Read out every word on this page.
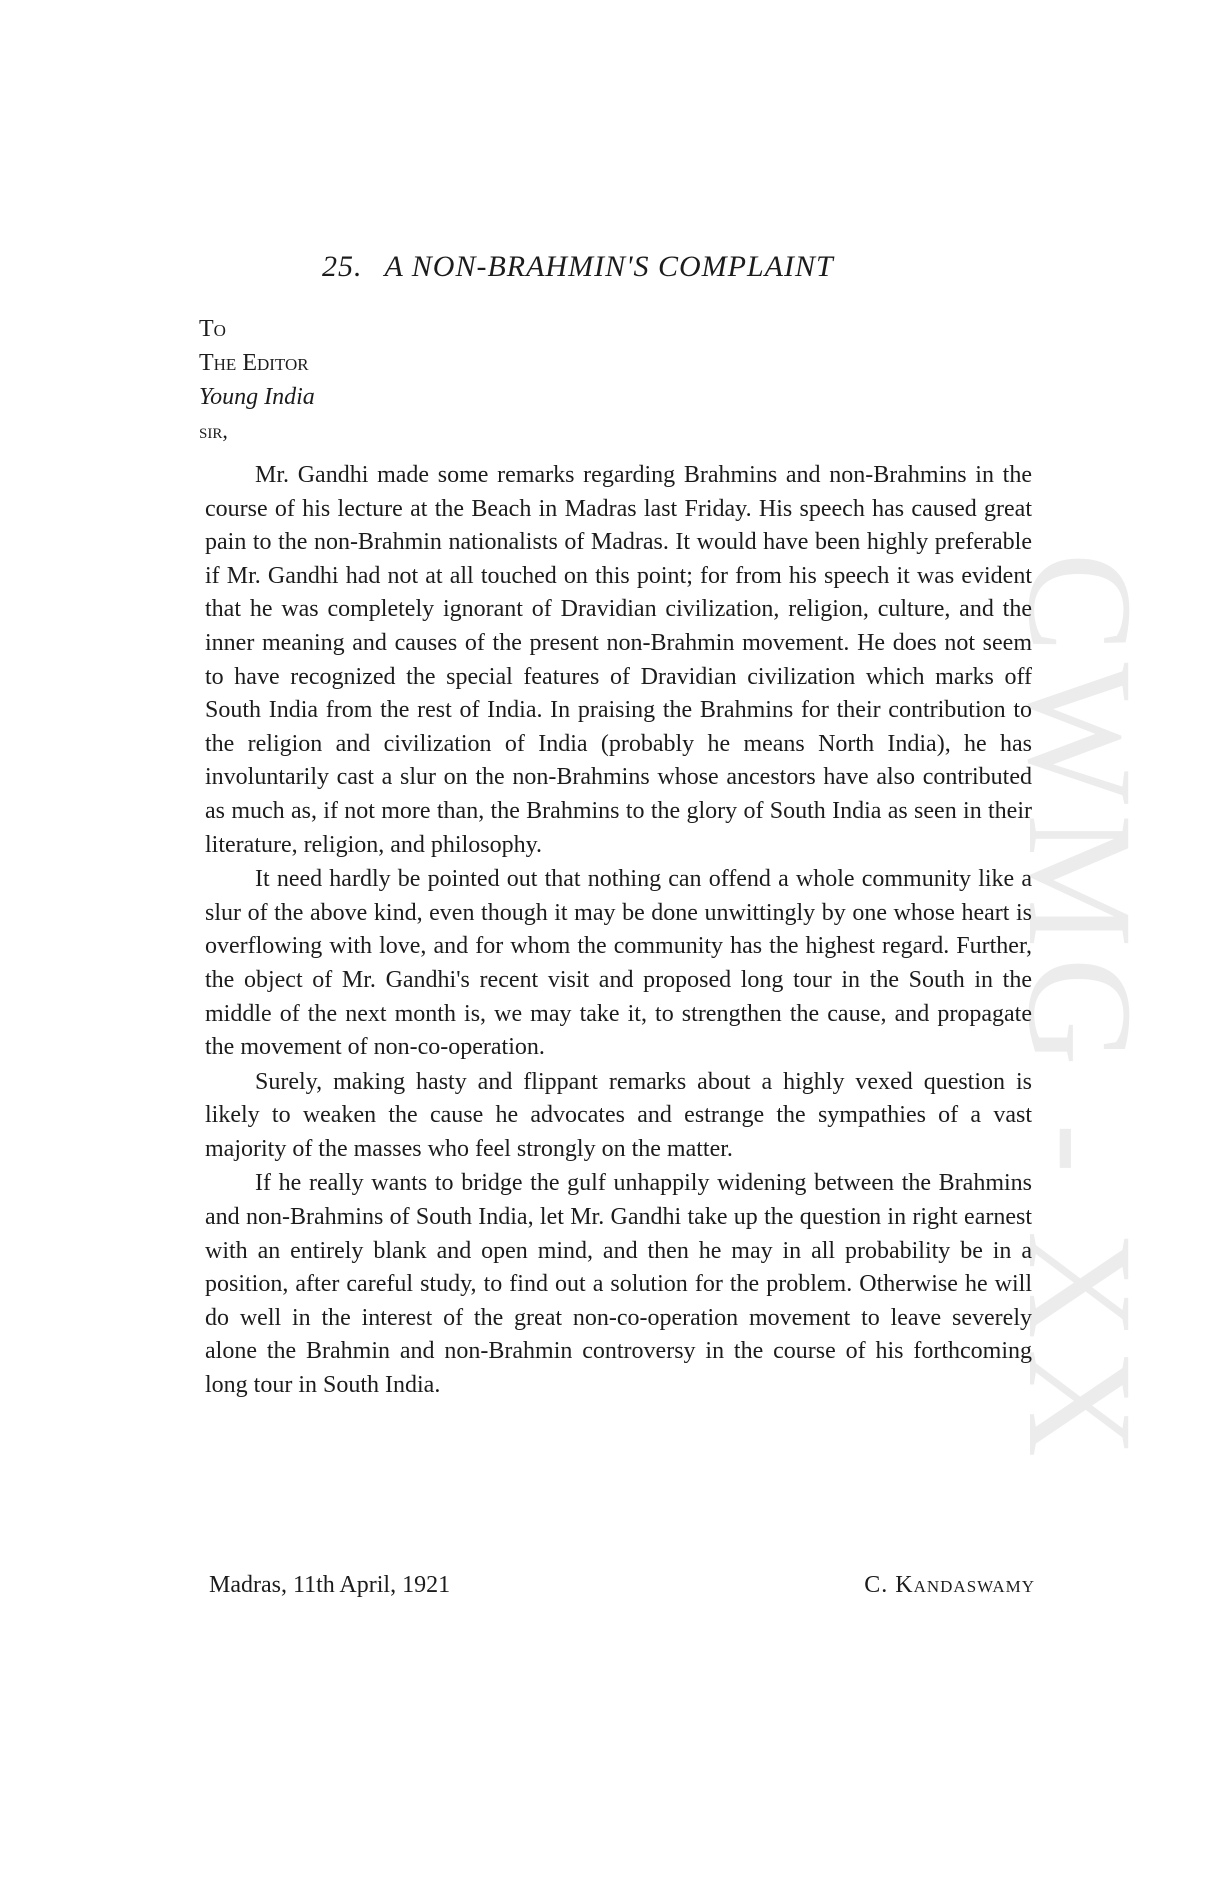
CWMG - XX
25. A NON-BRAHMIN'S COMPLAINT
To
The Editor
Young India
sir,

Mr. Gandhi made some remarks regarding Brahmins and non-Brahmins in the course of his lecture at the Beach in Madras last Friday. His speech has caused great pain to the non-Brahmin nationalists of Madras. It would have been highly preferable if Mr. Gandhi had not at all touched on this point; for from his speech it was evident that he was completely ignorant of Dravidian civilization, religion, culture, and the inner meaning and causes of the present non-Brahmin movement. He does not seem to have recognized the special features of Dravidian civilization which marks off South India from the rest of India. In praising the Brahmins for their contribution to the religion and civilization of India (probably he means North India), he has involuntarily cast a slur on the non-Brahmins whose ancestors have also contributed as much as, if not more than, the Brahmins to the glory of South India as seen in their literature, religion, and philosophy.

It need hardly be pointed out that nothing can offend a whole community like a slur of the above kind, even though it may be done unwittingly by one whose heart is overflowing with love, and for whom the community has the highest regard. Further, the object of Mr. Gandhi's recent visit and proposed long tour in the South in the middle of the next month is, we may take it, to strengthen the cause, and propagate the movement of non-co-operation.

Surely, making hasty and flippant remarks about a highly vexed question is likely to weaken the cause he advocates and estrange the sympathies of a vast majority of the masses who feel strongly on the matter.

If he really wants to bridge the gulf unhappily widening between the Brahmins and non-Brahmins of South India, let Mr. Gandhi take up the question in right earnest with an entirely blank and open mind, and then he may in all probability be in a position, after careful study, to find out a solution for the problem. Otherwise he will do well in the interest of the great non-co-operation movement to leave severely alone the Brahmin and non-Brahmin controversy in the course of his forthcoming long tour in South India.

Madras, 11th April, 1921	C. Kandaswamy
